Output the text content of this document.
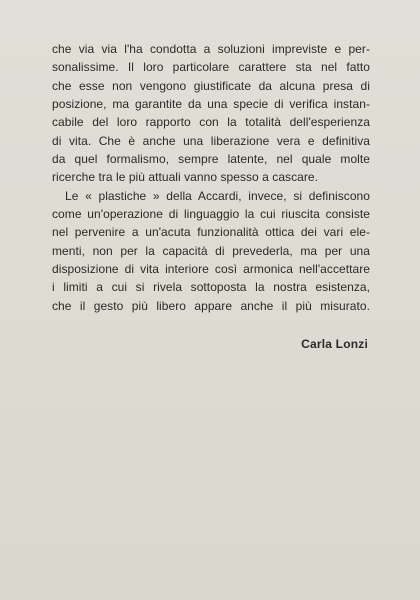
che via via l'ha condotta a soluzioni impreviste e per-
sonalissime. Il loro particolare carattere sta nel fatto
che esse non vengono giustificate da alcuna presa di
posizione, ma garantite da una specie di verifica instan-
cabile del loro rapporto con la totalità dell'esperienza
di vita. Che è anche una liberazione vera e definitiva
da quel formalismo, sempre latente, nel quale molte
ricerche tra le più attuali vanno spesso a cascare.

Le « plastiche » della Accardi, invece, si definiscono
come un'operazione di linguaggio la cui riuscita consiste
nel pervenire a un'acuta funzionalità ottica dei vari ele-
menti, non per la capacità di prevederla, ma per una
disposizione di vita interiore così armonica nell'accettare
i limiti a cui si rivela sottoposta la nostra esistenza,
che il gesto più libero appare anche il più misurato.

Carla Lonzi
